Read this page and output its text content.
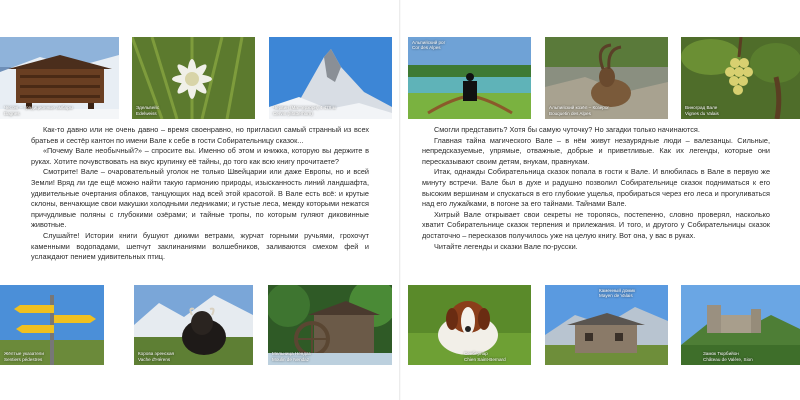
Чесонг – традиционные амбары
Bagnes
Эдельвейс
Edelweiss
Червин (Маттерхорн) 4 478 м
Cervin (Matterhorn)

Как-то давно или не очень давно – время своенравно, но пригласил самый странный из всех братьев и сестёр кантон по имени Вале к себе в гости Собирательницу сказок...

«Почему Вале необычный?» – спросите вы. Именно об этом и книжка, которую вы держите в руках. Хотите почувствовать на вкус крупинку её тайны, до того как всю книгу прочитаете?

Смотрите! Вале – очаровательный уголок не только Швейцарии или даже Европы, но и всей Земли! Вряд ли где ещё можно найти такую гармонию природы, изысканность линий ландшафта, удивительные очертания облаков, танцующих над всей этой красотой. В Вале есть всё: и крутые склоны, венчающие свои макушки холодными ледниками; и густые леса, между которыми нежатся причудливые поляны с глубокими озёрами; и тайные тропы, по которым гуляют диковинные животные.

Слушайте! Истории книги бушуют дикими ветрами, журчат горными ручьями, грохочут каменными водопадами, шепчут заклинаниями волшебников, заливаются смехом фей и услаждают пением удивительных птиц.

Жёлтые указатели
Sentiers pédestres
Корова эренская
Vache d'Hérens
Мельница Нендаз
Moulin de Nendaz
Альпийский рог
Cor des Alpes
Альпийский козёл – Козерог
Bouquetin des Alpes
Виноград Вале
Vignes du Valais

Смогли представить? Хотя бы самую чуточку? Но загадки только начинаются.

Главная тайна магического Вале – в нём живут незаурядные люди – валезанцы. Сильные, непредсказуемые, упрямые, отважные, добрые и приветливые. Как их легенды, которые они пересказывают своим детям, внукам, правнукам.

Итак, однажды Собирательница сказок попала в гости к Вале. И влюбилась в Вале в первую же минуту встречи. Вале был в духе и радушно позволил Собирательнице сказок подниматься к его высоким вершинам и спускаться в его глубокие ущелья, пробираться через его леса и прогуливаться над его лужайками, в погоне за его тайнами. Тайнами Вале.

Хитрый Вале открывает свои секреты не торопясь, постепенно, словно проверял, насколько хватит Собирательнице сказок терпения и прилежания. И того, и другого у Собирательницы сказок достаточно – пересказов получилось уже на целую книгу. Вот она, у вас в руках.

Читайте легенды и сказки Вале по-русски.

Сенбернар
Chien Saint-Bernard
Каменный домик
Mayen de Valais
Замок Тюрбийон
Château de Valère, Sion
